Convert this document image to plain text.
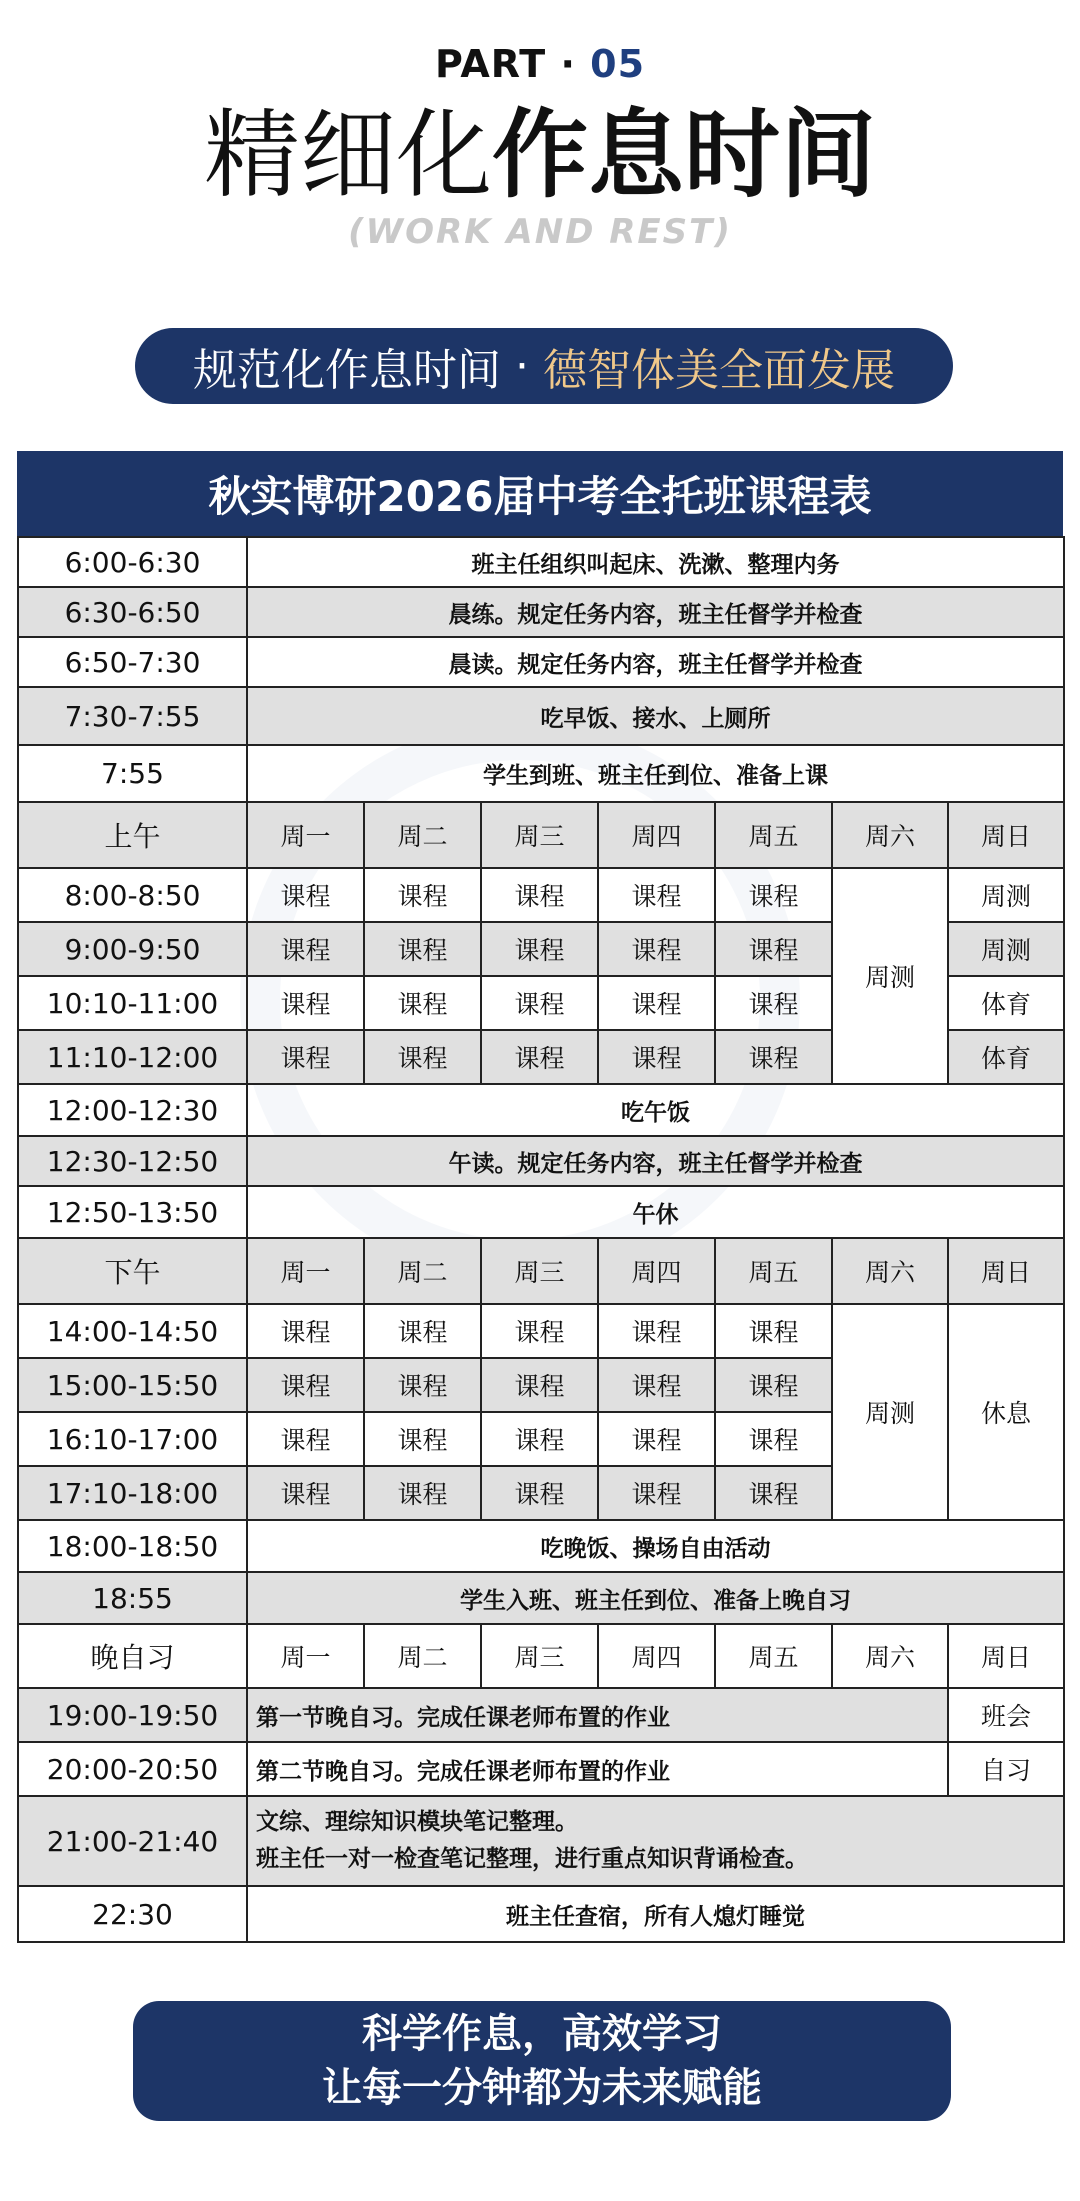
PART · 05
精细化作息时间
(WORK AND REST)
规范化作息时间 · 德智体美全面发展
秋实博研2026届中考全托班课程表
6:00-6:30	班主任组织叫起床、洗漱、整理内务						
6:30-6:50	晨练。规定任务内容，班主任督学并检查						
6:50-7:30	晨读。规定任务内容，班主任督学并检查						
7:30-7:55	吃早饭、接水、上厕所						
7:55	学生到班、班主任到位、准备上课						
上午	周一	周二	周三	周四	周五	周六	周日
8:00-8:50	课程	课程	课程	课程	课程	周测	周测
9:00-9:50	课程	课程	课程	课程	课程		周测
10:10-11:00	课程	课程	课程	课程	课程		体育
11:10-12:00	课程	课程	课程	课程	课程		体育
12:00-12:30	吃午饭						
12:30-12:50	午读。规定任务内容，班主任督学并检查						
12:50-13:50	午休						
下午	周一	周二	周三	周四	周五	周六	周日
14:00-14:50	课程	课程	课程	课程	课程	周测	休息
15:00-15:50	课程	课程	课程	课程	课程		
16:10-17:00	课程	课程	课程	课程	课程		
17:10-18:00	课程	课程	课程	课程	课程		
18:00-18:50	吃晚饭、操场自由活动						
18:55	学生入班、班主任到位、准备上晚自习						
晚自习	周一	周二	周三	周四	周五	周六	周日
19:00-19:50	第一节晚自习。完成任课老师布置的作业						班会
20:00-20:50	第二节晚自习。完成任课老师布置的作业						自习
21:00-21:40	文综、理综知识模块笔记整理。
班主任一对一检查笔记整理，进行重点知识背诵检查。						

22:30	班主任查宿，所有人熄灯睡觉						
科学作息，高效学习
让每一分钟都为未来赋能
